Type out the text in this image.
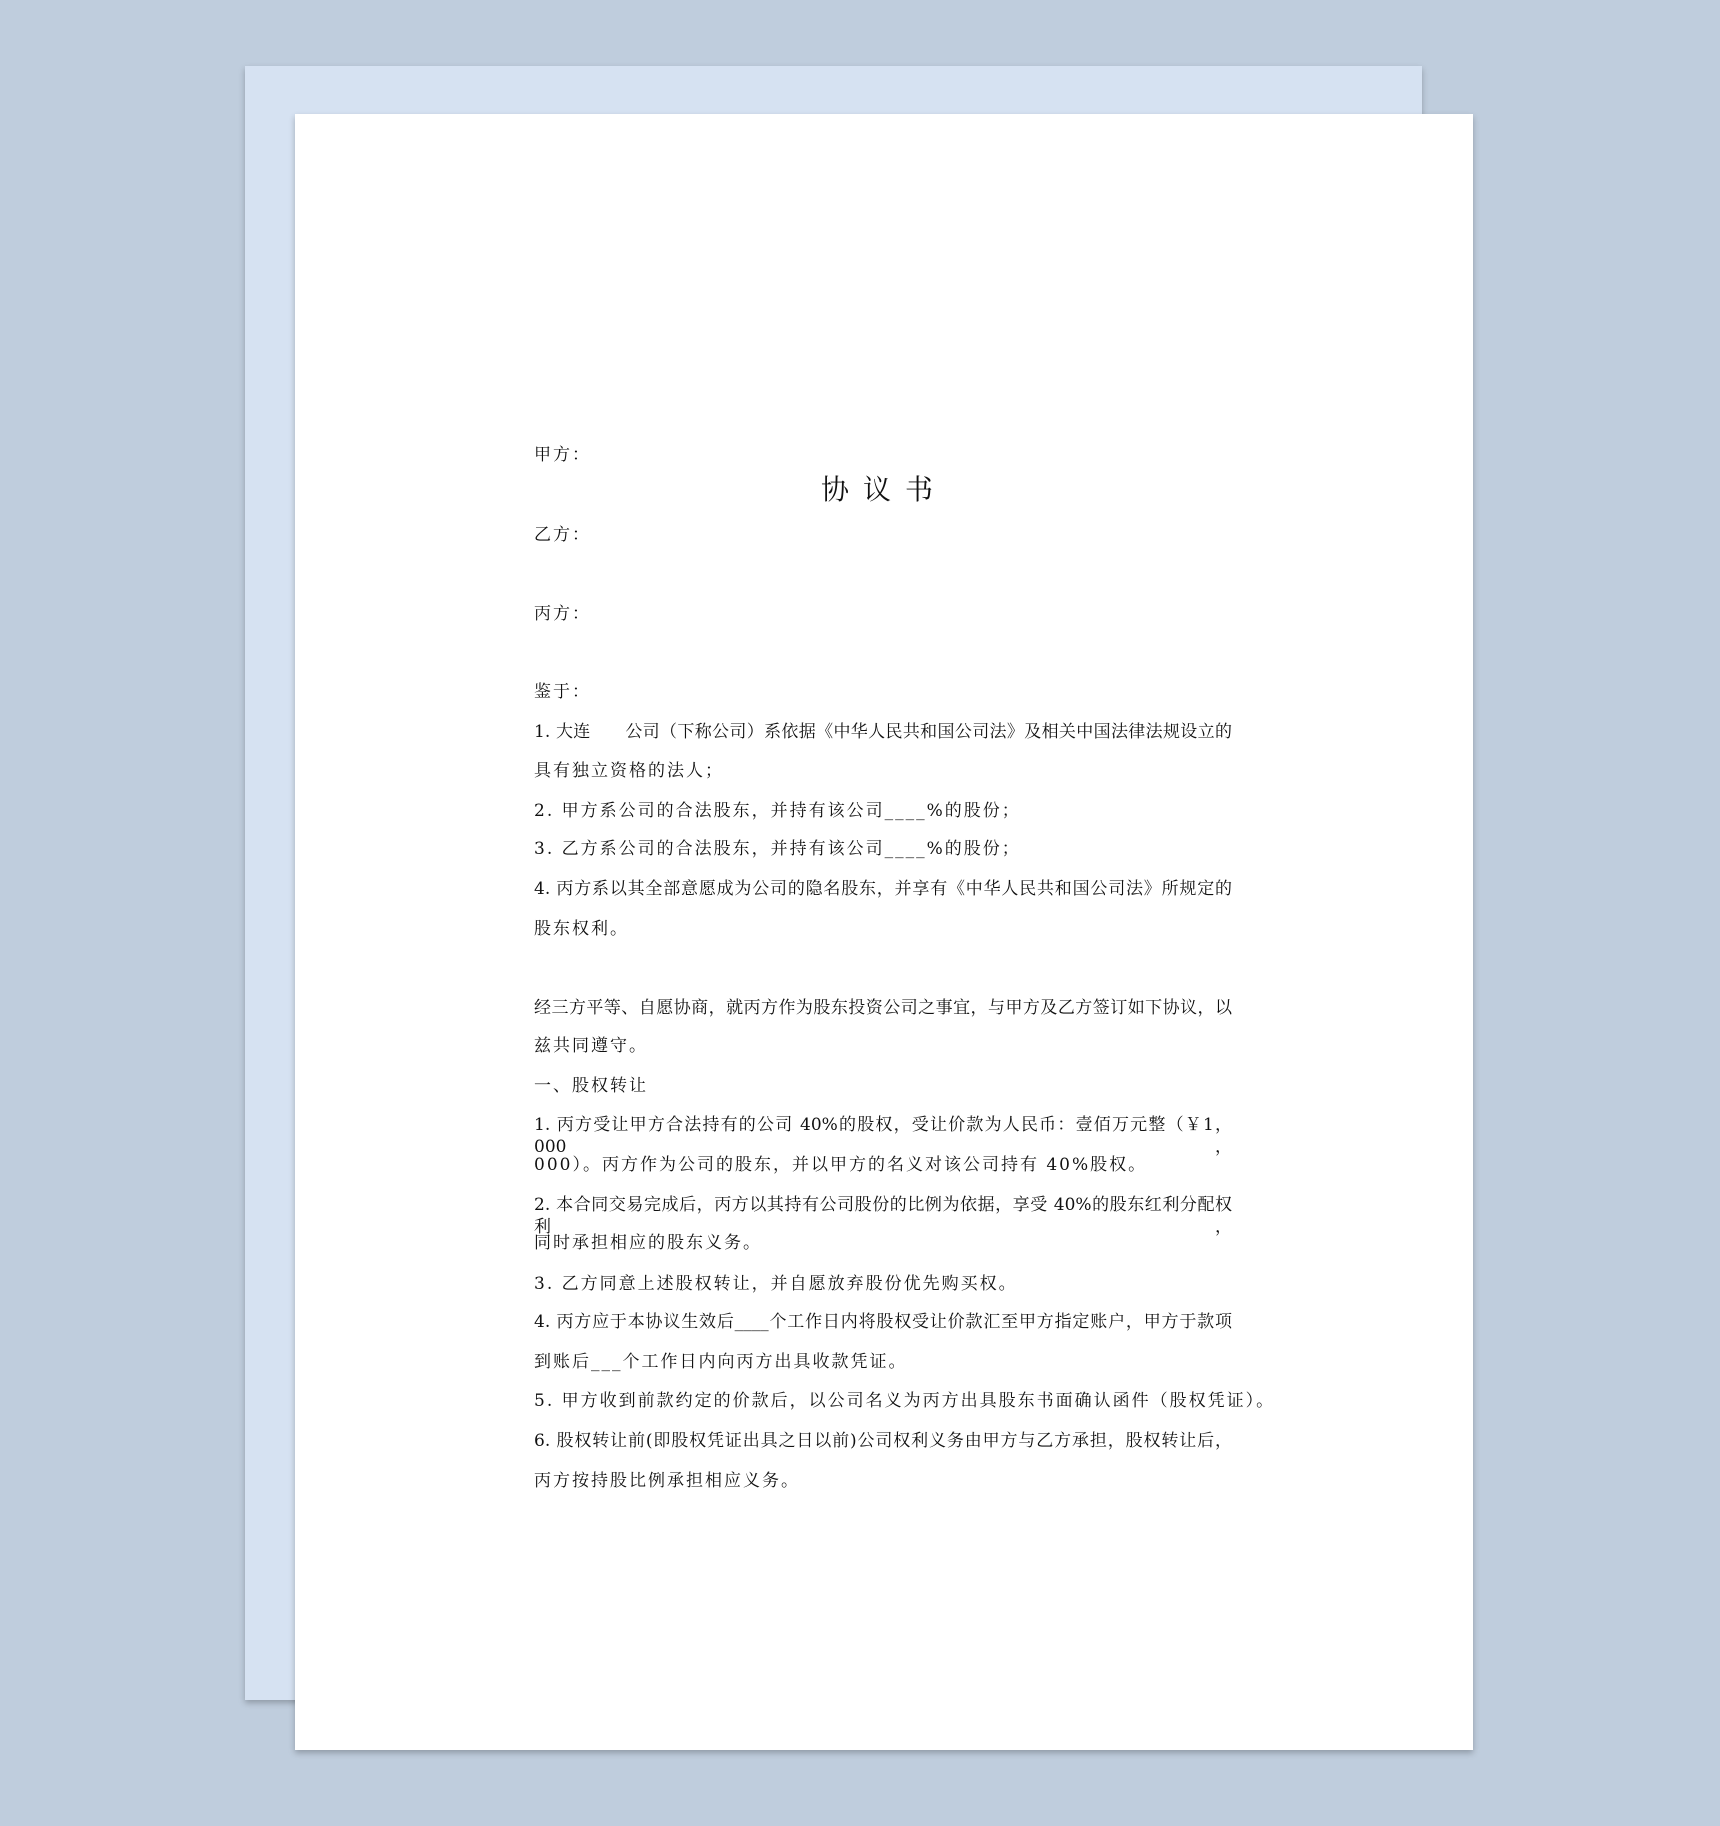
协议书
甲方：
乙方：
丙方：
鉴于：
1. 大连　　公司（下称公司）系依据《中华人民共和国公司法》及相关中国法律法规设立的
具有独立资格的法人；
2. 甲方系公司的合法股东，并持有该公司____%的股份；
3. 乙方系公司的合法股东，并持有该公司____%的股份；
4. 丙方系以其全部意愿成为公司的隐名股东，并享有《中华人民共和国公司法》所规定的
股东权利。
经三方平等、自愿协商，就丙方作为股东投资公司之事宜，与甲方及乙方签订如下协议，以
兹共同遵守。
一、股权转让
1. 丙方受让甲方合法持有的公司 40%的股权，受让价款为人民币：壹佰万元整（￥1，000，
000）。丙方作为公司的股东，并以甲方的名义对该公司持有 40%股权。
2. 本合同交易完成后，丙方以其持有公司股份的比例为依据，享受 40%的股东红利分配权利，
同时承担相应的股东义务。
3. 乙方同意上述股权转让，并自愿放弃股份优先购买权。
4. 丙方应于本协议生效后____个工作日内将股权受让价款汇至甲方指定账户，甲方于款项
到账后___个工作日内向丙方出具收款凭证。
5. 甲方收到前款约定的价款后，以公司名义为丙方出具股东书面确认函件（股权凭证）。
6. 股权转让前(即股权凭证出具之日以前)公司权利义务由甲方与乙方承担，股权转让后，
丙方按持股比例承担相应义务。
